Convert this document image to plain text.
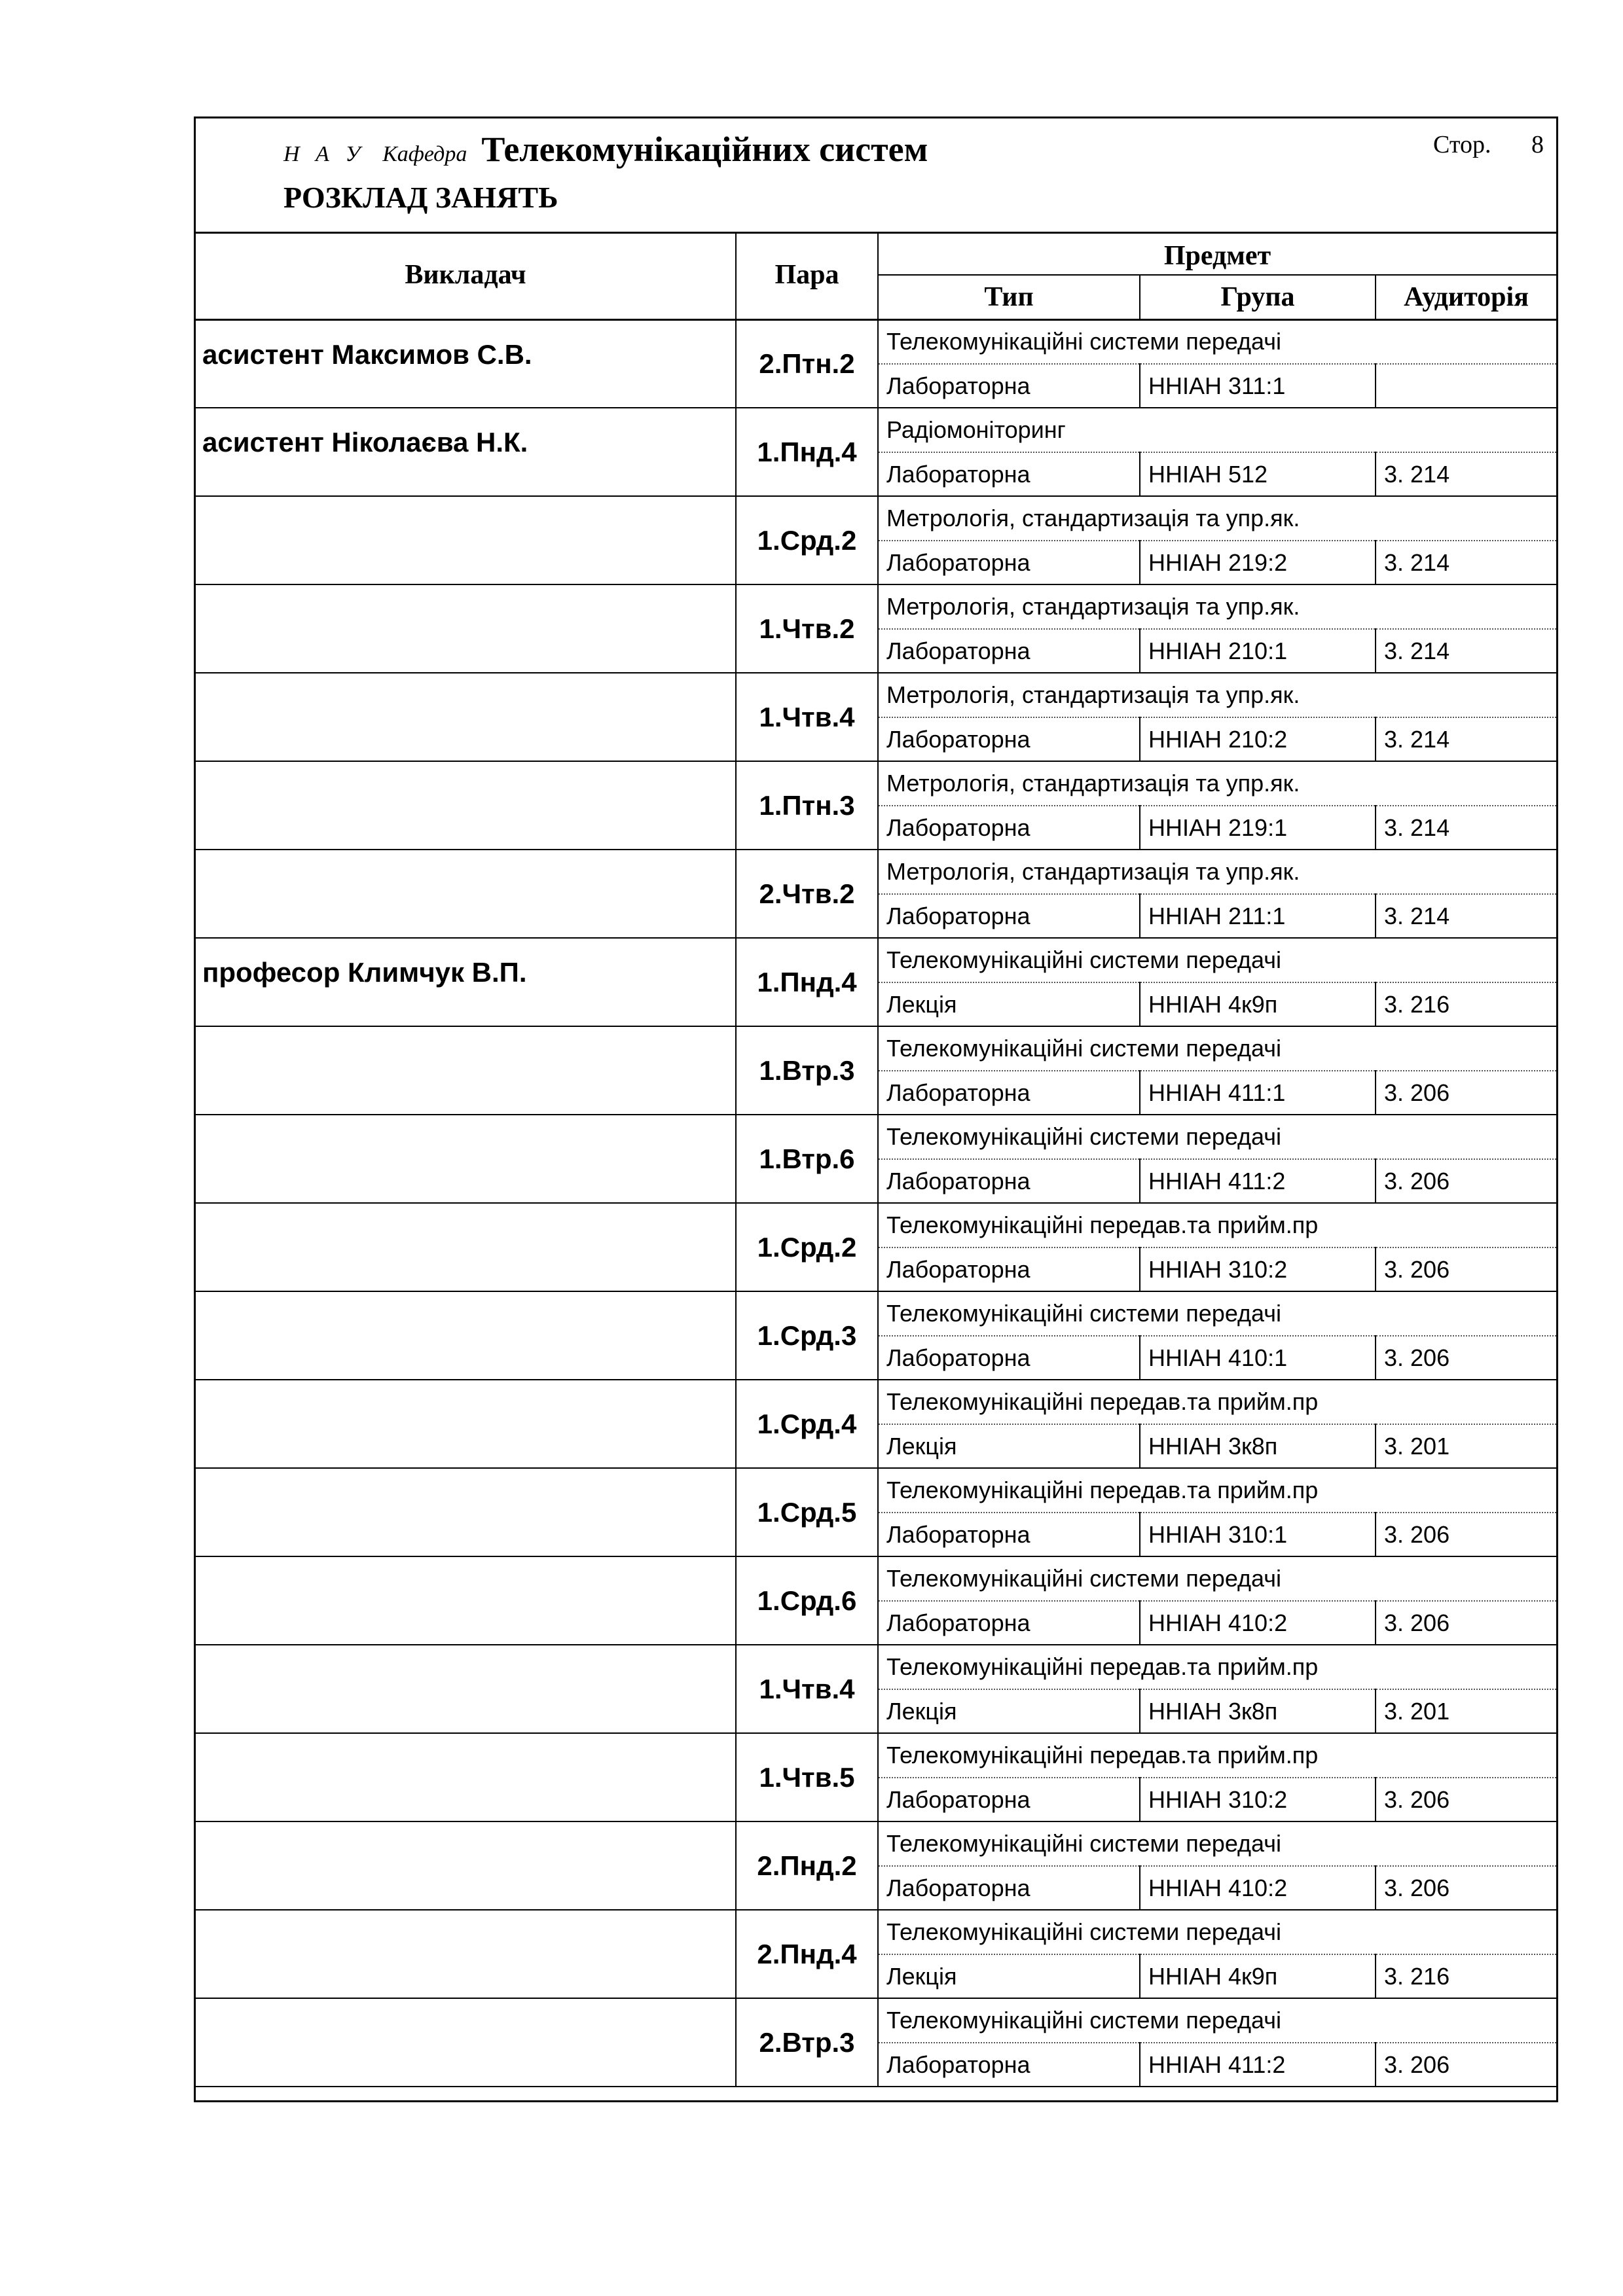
Н А У Кафедра Телекомунікаційних систем
РОЗКЛАД ЗАНЯТЬ
Стор. 8
Викладач	Пара	Предмет		
		Тип	Група	Аудиторія
асистент Максимов С.В.	2.Птн.2	Телекомунікаційні системи передачі		
		Лабораторна	ННІАН 311:1	
асистент Ніколаєва Н.К.	1.Пнд.4	Радіомоніторинг		
		Лабораторна	ННІАН 512	3. 214
	1.Срд.2	Метрологія, стандартизація та упр.як.		
		Лабораторна	ННІАН 219:2	3. 214
	1.Чтв.2	Метрологія, стандартизація та упр.як.		
		Лабораторна	ННІАН 210:1	3. 214
	1.Чтв.4	Метрологія, стандартизація та упр.як.		
		Лабораторна	ННІАН 210:2	3. 214
	1.Птн.3	Метрологія, стандартизація та упр.як.		
		Лабораторна	ННІАН 219:1	3. 214
	2.Чтв.2	Метрологія, стандартизація та упр.як.		
		Лабораторна	ННІАН 211:1	3. 214
професор Климчук В.П.	1.Пнд.4	Телекомунікаційні системи передачі		
		Лекція	ННІАН 4к9п	3. 216
	1.Втр.3	Телекомунікаційні системи передачі		
		Лабораторна	ННІАН 411:1	3. 206
	1.Втр.6	Телекомунікаційні системи передачі		
		Лабораторна	ННІАН 411:2	3. 206
	1.Срд.2	Телекомунікаційні передав.та прийм.пр		
		Лабораторна	ННІАН 310:2	3. 206
	1.Срд.3	Телекомунікаційні системи передачі		
		Лабораторна	ННІАН 410:1	3. 206
	1.Срд.4	Телекомунікаційні передав.та прийм.пр		
		Лекція	ННІАН 3к8п	3. 201
	1.Срд.5	Телекомунікаційні передав.та прийм.пр		
		Лабораторна	ННІАН 310:1	3. 206
	1.Срд.6	Телекомунікаційні системи передачі		
		Лабораторна	ННІАН 410:2	3. 206
	1.Чтв.4	Телекомунікаційні передав.та прийм.пр		
		Лекція	ННІАН 3к8п	3. 201
	1.Чтв.5	Телекомунікаційні передав.та прийм.пр		
		Лабораторна	ННІАН 310:2	3. 206
	2.Пнд.2	Телекомунікаційні системи передачі		
		Лабораторна	ННІАН 410:2	3. 206
	2.Пнд.4	Телекомунікаційні системи передачі		
		Лекція	ННІАН 4к9п	3. 216
	2.Втр.3	Телекомунікаційні системи передачі		
		Лабораторна	ННІАН 411:2	3. 206
